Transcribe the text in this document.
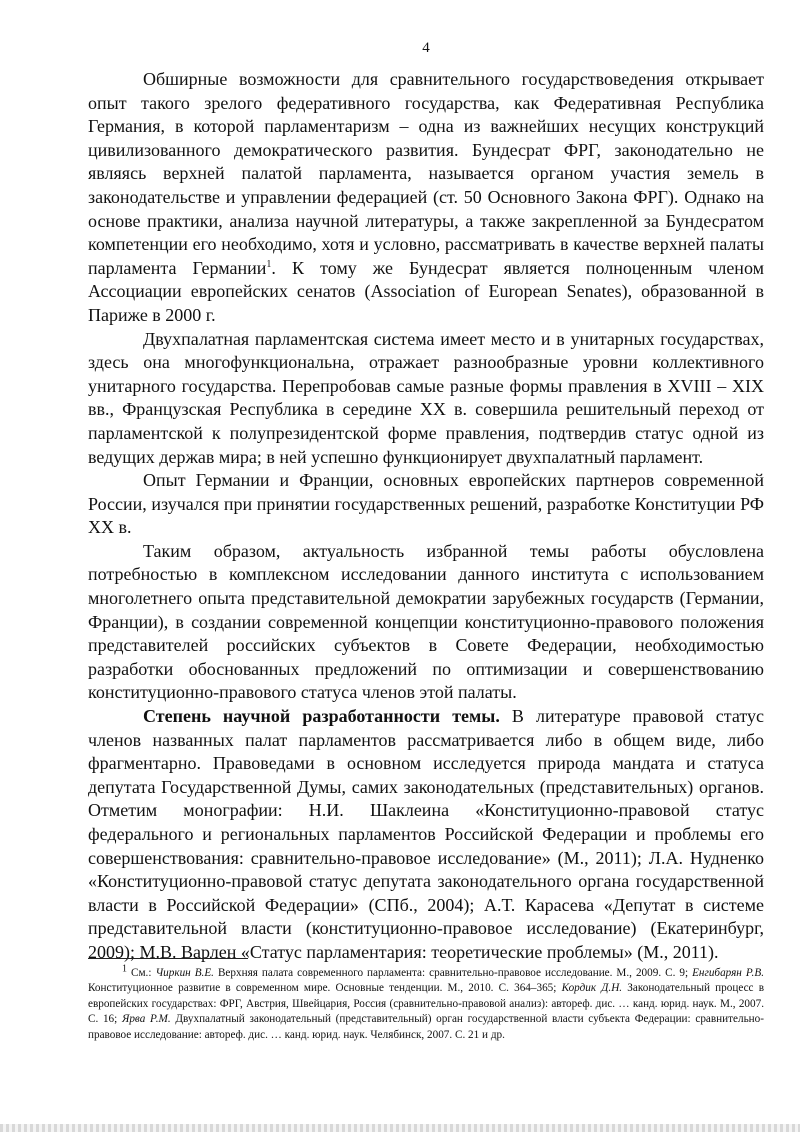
4

Обширные возможности для сравнительного государствоведения открывает опыт такого зрелого федеративного государства, как Федеративная Республика Германия, в которой парламентаризм – одна из важнейших несущих конструкций цивилизованного демократического развития. Бундесрат ФРГ, законодательно не являясь верхней палатой парламента, называется органом участия земель в законодательстве и управлении федерацией (ст. 50 Основного Закона ФРГ). Однако на основе практики, анализа научной литературы, а также закрепленной за Бундесратом компетенции его необходимо, хотя и условно, рассматривать в качестве верхней палаты парламента Германии$^1$. К тому же Бундесрат является полноценным членом Ассоциации европейских сенатов (Association of European Senates), образованной в Париже в 2000 г.

Двухпалатная парламентская система имеет место и в унитарных государствах, здесь она многофункциональна, отражает разнообразные уровни коллективного унитарного государства. Перепробовав самые разные формы правления в XVIII – XIX вв., Французская Республика в середине XX в. совершила решительный переход от парламентской к полупрезидентской форме правления, подтвердив статус одной из ведущих держав мира; в ней успешно функционирует двухпалатный парламент.

Опыт Германии и Франции, основных европейских партнеров современной России, изучался при принятии государственных решений, разработке Конституции РФ XX в.

Таким образом, актуальность избранной темы работы обусловлена потребностью в комплексном исследовании данного института с использованием многолетнего опыта представительной демократии зарубежных государств (Германии, Франции), в создании современной концепции конституционно-правового положения представителей российских субъектов в Совете Федерации, необходимостью разработки обоснованных предложений по оптимизации и совершенствованию конституционно-правового статуса членов этой палаты.

Степень научной разработанности темы. В литературе правовой статус членов названных палат парламентов рассматривается либо в общем виде, либо фрагментарно. Правоведами в основном исследуется природа мандата и статуса депутата Государственной Думы, самих законодательных (представительных) органов. Отметим монографии: Н.И. Шаклеина «Конституционно-правовой статус федерального и региональных парламентов Российской Федерации и проблемы его совершенствования: сравнительно-правовое исследование» (М., 2011); Л.А. Нудненко «Конституционно-правовой статус депутата законодательного органа государственной власти в Российской Федерации» (СПб., 2004); А.Т. Карасева «Депутат в системе представительной власти (конституционно-правовое исследование) (Екатеринбург, 2009); М.В. Варлен «Статус парламентария: теоретические проблемы» (М., 2011).

$^1$ См.: Чиркин В.Е. Верхняя палата современного парламента: сравнительно-правовое исследование. М., 2009. С. 9; Енгибарян Р.В. Конституционное развитие в современном мире. Основные тенденции. М., 2010. С. 364–365; Кордик Д.Н. Законодательный процесс в европейских государствах: ФРГ, Австрия, Швейцария, Россия (сравнительно-правовой анализ): автореф. дис. … канд. юрид. наук. М., 2007. С. 16; Ярва Р.М. Двухпалатный законодательный (представительный) орган государственной власти субъекта Федерации: сравнительно-правовое исследование: автореф. дис. … канд. юрид. наук. Челябинск, 2007. С. 21 и др.
